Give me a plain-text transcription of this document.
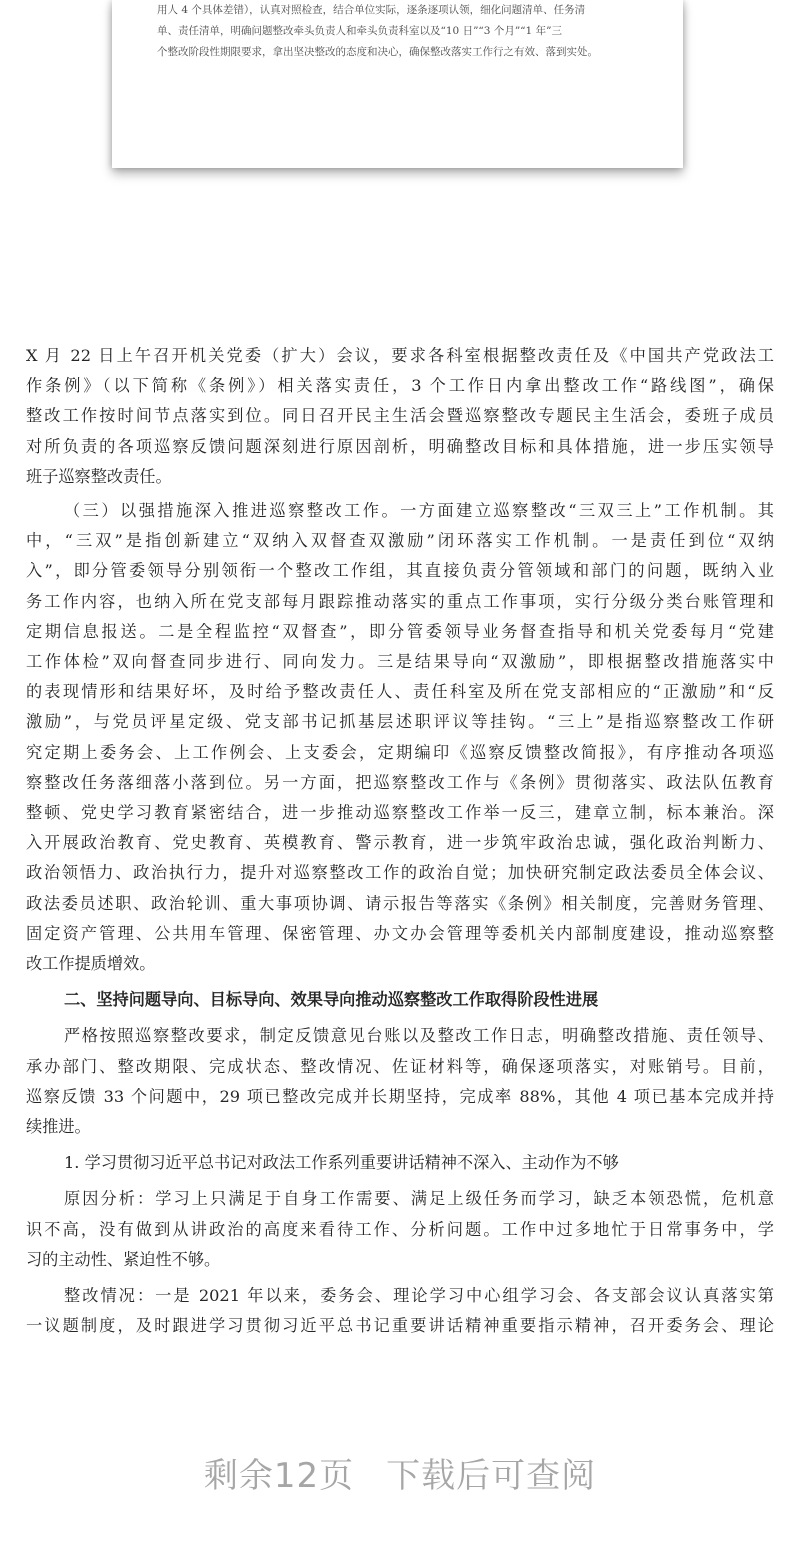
用人 4 个具体差错），认真对照检查，结合单位实际，逐条逐项认领，细化问题清单、任务清
单、责任清单，明确问题整改牵头负责人和牵头负责科室以及“10 日”“3 个月”“1 年”三
个整改阶段性期限要求，拿出坚决整改的态度和决心，确保整改落实工作行之有效、落到实处。
X 月 22 日上午召开机关党委（扩大）会议，要求各科室根据整改责任及《中国共产党政法工
作条例》（以下简称《条例》）相关落实责任，3 个工作日内拿出整改工作“路线图”，确保
整改工作按时间节点落实到位。同日召开民主生活会暨巡察整改专题民主生活会，委班子成员
对所负责的各项巡察反馈问题深刻进行原因剖析，明确整改目标和具体措施，进一步压实领导
班子巡察整改责任。
（三）以强措施深入推进巡察整改工作。一方面建立巡察整改“三双三上”工作机制。其
中，“三双”是指创新建立“双纳入双督查双激励”闭环落实工作机制。一是责任到位“双纳
入”，即分管委领导分别领衔一个整改工作组，其直接负责分管领域和部门的问题，既纳入业
务工作内容，也纳入所在党支部每月跟踪推动落实的重点工作事项，实行分级分类台账管理和
定期信息报送。二是全程监控“双督查”，即分管委领导业务督查指导和机关党委每月“党建
工作体检”双向督查同步进行、同向发力。三是结果导向“双激励”，即根据整改措施落实中
的表现情形和结果好坏，及时给予整改责任人、责任科室及所在党支部相应的“正激励”和“反
激励”，与党员评星定级、党支部书记抓基层述职评议等挂钩。“三上”是指巡察整改工作研
究定期上委务会、上工作例会、上支委会，定期编印《巡察反馈整改简报》，有序推动各项巡
察整改任务落细落小落到位。另一方面，把巡察整改工作与《条例》贯彻落实、政法队伍教育
整顿、党史学习教育紧密结合，进一步推动巡察整改工作举一反三，建章立制，标本兼治。深
入开展政治教育、党史教育、英模教育、警示教育，进一步筑牢政治忠诚，强化政治判断力、
政治领悟力、政治执行力，提升对巡察整改工作的政治自觉；加快研究制定政法委员全体会议、
政法委员述职、政治轮训、重大事项协调、请示报告等落实《条例》相关制度，完善财务管理、
固定资产管理、公共用车管理、保密管理、办文办会管理等委机关内部制度建设，推动巡察整
改工作提质增效。
二、坚持问题导向、目标导向、效果导向推动巡察整改工作取得阶段性进展
严格按照巡察整改要求，制定反馈意见台账以及整改工作日志，明确整改措施、责任领导、
承办部门、整改期限、完成状态、整改情况、佐证材料等，确保逐项落实，对账销号。目前，
巡察反馈 33 个问题中，29 项已整改完成并长期坚持，完成率 88%，其他 4 项已基本完成并持
续推进。
1. 学习贯彻习近平总书记对政法工作系列重要讲话精神不深入、主动作为不够
原因分析：学习上只满足于自身工作需要、满足上级任务而学习，缺乏本领恐慌，危机意
识不高，没有做到从讲政治的高度来看待工作、分析问题。工作中过多地忙于日常事务中，学
习的主动性、紧迫性不够。
整改情况：一是 2021 年以来，委务会、理论学习中心组学习会、各支部会议认真落实第
一议题制度，及时跟进学习贯彻习近平总书记重要讲话精神重要指示精神，召开委务会、理论
剩余12页 下载后可查阅
